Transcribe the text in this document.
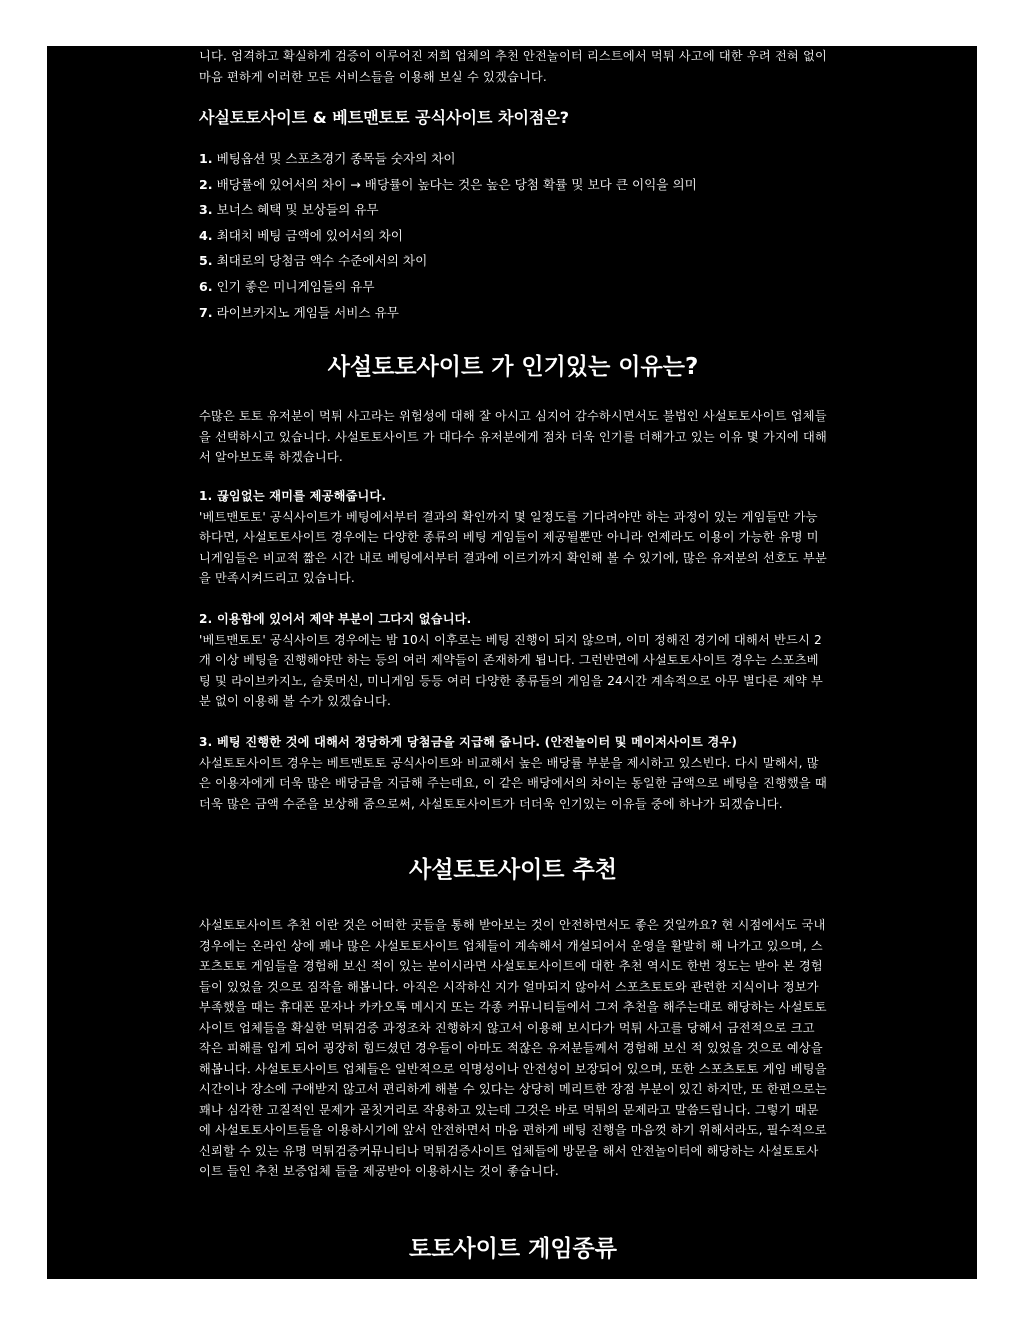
니다. 엄격하고 확실하게 검증이 이루어진 저희 업체의 추천 안전놀이터 리스트에서 먹튀 사고에 대한 우려 전혀 없이 마음 편하게 이러한 모든 서비스들을 이용해 보실 수 있겠습니다.

사실토토사이트 & 베트맨토토 공식사이트 차이점은?
1. 베팅옵션 및 스포츠경기 종목들 숫자의 차이
2. 배당률에 있어서의 차이 → 배당률이 높다는 것은 높은 당첨 확률 및 보다 큰 이익을 의미
3. 보너스 혜택 및 보상들의 유무
4. 최대치 베팅 금액에 있어서의 차이
5. 최대로의 당첨금 액수 수준에서의 차이
6. 인기 좋은 미니게임들의 유무
7. 라이브카지노 게임들 서비스 유무
사설토토사이트 가 인기있는 이유는?

수많은 토토 유저분이 먹튀 사고라는 위험성에 대해 잘 아시고 심지어 감수하시면서도 불법인 사설토토사이트 업체들을 선택하시고 있습니다. 사설토토사이트 가 대다수 유저분에게 점차 더욱 인기를 더해가고 있는 이유 몇 가지에 대해서 알아보도록 하겠습니다.

1. 끊임없는 재미를 제공해줍니다.

'베트맨토토' 공식사이트가 베팅에서부터 결과의 확인까지 몇 일정도를 기다려야만 하는 과정이 있는 게임들만 가능하다면, 사설토토사이트 경우에는 다양한 종류의 베팅 게임들이 제공될뿐만 아니라 언제라도 이용이 가능한 유명 미니게임들은 비교적 짧은 시간 내로 베팅에서부터 결과에 이르기까지 확인해 볼 수 있기에, 많은 유저분의 선호도 부분을 만족시켜드리고 있습니다.

2. 이용함에 있어서 제약 부분이 그다지 없습니다.

'베트맨토토' 공식사이트 경우에는 밤 10시 이후로는 베팅 진행이 되지 않으며, 이미 정해진 경기에 대해서 반드시 2개 이상 베팅을 진행해야만 하는 등의 여러 제약들이 존재하게 됩니다. 그런반면에 사설토토사이트 경우는 스포츠베팅 및 라이브카지노, 슬롯머신, 미니게임 등등 여러 다양한 종류들의 게임을 24시간 계속적으로 아무 별다른 제약 부분 없이 이용해 볼 수가 있겠습니다.

3. 베팅 진행한 것에 대해서 정당하게 당첨금을 지급해 줍니다. (안전놀이터 및 메이저사이트 경우)

사설토토사이트 경우는 베트맨토토 공식사이트와 비교해서 높은 배당률 부분을 제시하고 있스빈다. 다시 말해서, 많은 이용자에게 더욱 많은 배당금을 지급해 주는데요, 이 같은 배당에서의 차이는 동일한 금액으로 베팅을 진행했을 때 더욱 많은 금액 수준을 보상해 줌으로써, 사설토토사이트가 더더욱 인기있는 이유들 중에 하나가 되겠습니다.

사설토토사이트 추천

사설토토사이트 추천 이란 것은 어떠한 곳들을 통해 받아보는 것이 안전하면서도 좋은 것일까요? 현 시점에서도 국내 경우에는 온라인 상에 꽤나 많은 사설토토사이트 업체들이 계속해서 개설되어서 운영을 활발히 해 나가고 있으며, 스포츠토토 게임들을 경험해 보신 적이 있는 분이시라면 사설토토사이트에 대한 추천 역시도 한번 정도는 받아 본 경험들이 있었을 것으로 짐작을 해봅니다. 아직은 시작하신 지가 얼마되지 않아서 스포츠토토와 관련한 지식이나 정보가 부족했을 때는 휴대폰 문자나 카카오톡 메시지 또는 각종 커뮤니티들에서 그저 추천을 해주는대로 해당하는 사설토토사이트 업체들을 확실한 먹튀검증 과정조차 진행하지 않고서 이용해 보시다가 먹튀 사고를 당해서 금전적으로 크고 작은 피해를 입게 되어 굉장히 힘드셨던 경우들이 아마도 적잖은 유저분들께서 경험해 보신 적 있었을 것으로 예상을 해봅니다. 사설토토사이트 업체들은 일반적으로 익명성이나 안전성이 보장되어 있으며, 또한 스포츠토토 게임 베팅을 시간이나 장소에 구애받지 않고서 편리하게 해볼 수 있다는 상당히 메리트한 장점 부분이 있긴 하지만, 또 한편으로는 꽤나 심각한 고질적인 문제가 골칫거리로 작용하고 있는데 그것은 바로 먹튀의 문제라고 말씀드립니다. 그렇기 때문에 사설토토사이트들을 이용하시기에 앞서 안전하면서 마음 편하게 베팅 진행을 마음껏 하기 위해서라도, 필수적으로 신뢰할 수 있는 유명 먹튀검증커뮤니티나 먹튀검증사이트 업체들에 방문을 해서 안전놀이터에 해당하는 사설토토사이트 들인 추천 보증업체 들을 제공받아 이용하시는 것이 좋습니다.

토토사이트 게임종류
